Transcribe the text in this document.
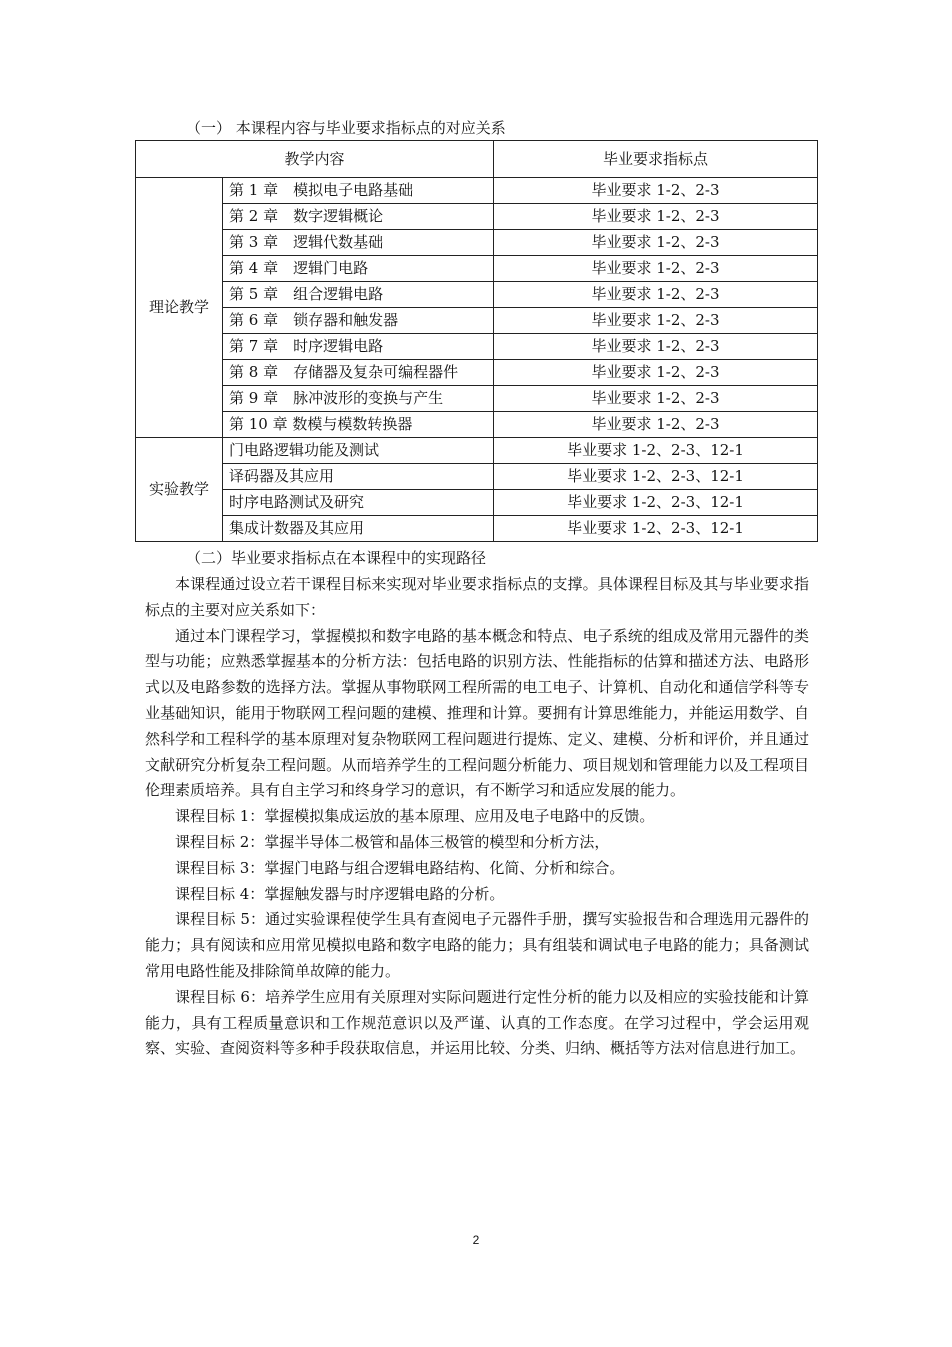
（一） 本课程内容与毕业要求指标点的对应关系
教学内容		毕业要求指标点
理论教学	第 1 章　模拟电子电路基础	毕业要求 1-2、2-3
	第 2 章　数字逻辑概论	毕业要求 1-2、2-3
	第 3 章　逻辑代数基础	毕业要求 1-2、2-3
	第 4 章　逻辑门电路	毕业要求 1-2、2-3
	第 5 章　组合逻辑电路	毕业要求 1-2、2-3
	第 6 章　锁存器和触发器	毕业要求 1-2、2-3
	第 7 章　时序逻辑电路	毕业要求 1-2、2-3
	第 8 章　存储器及复杂可编程器件	毕业要求 1-2、2-3
	第 9 章　脉冲波形的变换与产生	毕业要求 1-2、2-3
	第 10 章 数模与模数转换器	毕业要求 1-2、2-3
实验教学	门电路逻辑功能及测试	毕业要求 1-2、2-3、12-1
	译码器及其应用	毕业要求 1-2、2-3、12-1
	时序电路测试及研究	毕业要求 1-2、2-3、12-1
	集成计数器及其应用	毕业要求 1-2、2-3、12-1
（二）毕业要求指标点在本课程中的实现路径

本课程通过设立若干课程目标来实现对毕业要求指标点的支撑。具体课程目标及其与毕业要求指标点的主要对应关系如下：

通过本门课程学习，掌握模拟和数字电路的基本概念和特点、电子系统的组成及常用元器件的类型与功能；应熟悉掌握基本的分析方法：包括电路的识别方法、性能指标的估算和描述方法、电路形式以及电路参数的选择方法。掌握从事物联网工程所需的电工电子、计算机、自动化和通信学科等专业基础知识，能用于物联网工程问题的建模、推理和计算。要拥有计算思维能力，并能运用数学、自然科学和工程科学的基本原理对复杂物联网工程问题进行提炼、定义、建模、分析和评价，并且通过文献研究分析复杂工程问题。从而培养学生的工程问题分析能力、项目规划和管理能力以及工程项目伦理素质培养。具有自主学习和终身学习的意识，有不断学习和适应发展的能力。

课程目标 1：掌握模拟集成运放的基本原理、应用及电子电路中的反馈。

课程目标 2：掌握半导体二极管和晶体三极管的模型和分析方法，

课程目标 3：掌握门电路与组合逻辑电路结构、化简、分析和综合。

课程目标 4：掌握触发器与时序逻辑电路的分析。

课程目标 5：通过实验课程使学生具有查阅电子元器件手册，撰写实验报告和合理选用元器件的能力；具有阅读和应用常见模拟电路和数字电路的能力；具有组装和调试电子电路的能力；具备测试常用电路性能及排除简单故障的能力。

课程目标 6：培养学生应用有关原理对实际问题进行定性分析的能力以及相应的实验技能和计算能力，具有工程质量意识和工作规范意识以及严谨、认真的工作态度。在学习过程中，学会运用观察、实验、查阅资料等多种手段获取信息，并运用比较、分类、归纳、概括等方法对信息进行加工。

2
